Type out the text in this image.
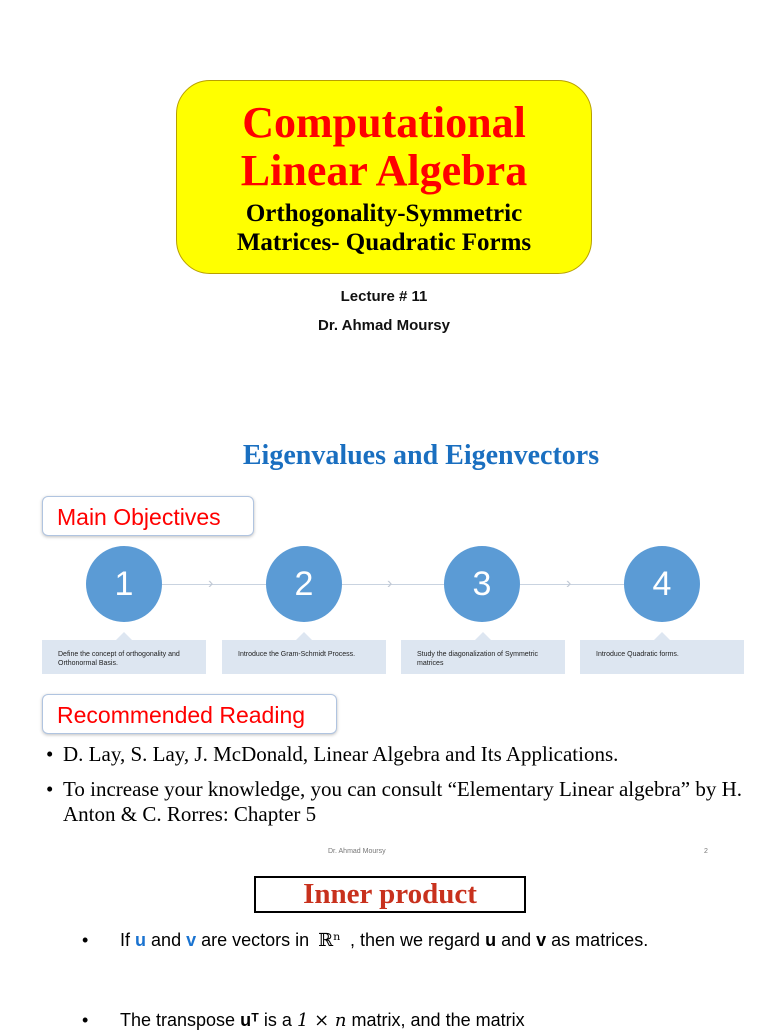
Computational
Linear Algebra
Orthogonality-Symmetric
Matrices- Quadratic Forms
Lecture # 11
Dr. Ahmad Moursy
Eigenvalues and Eigenvectors
Main Objectives
›	›	›
1	2	3	4
Define the concept of orthogonality and Orthonormal Basis.
Introduce the Gram-Schmidt Process.	Study the diagonalization of Symmetric matrices
Introduce Quadratic forms.
Recommended Reading
• D. Lay, S. Lay, J. McDonald, Linear Algebra and Its Applications.
• To increase your knowledge, you can consult “Elementary Linear algebra” by H. Anton & C. Rorres: Chapter 5
Dr. Ahmad Moursy	2
Inner product
•	If u and v are vectors in ℝⁿ , then we regard u and v as matrices.
•	The transpose uᵀ is a 1 × n matrix, and the matrix
